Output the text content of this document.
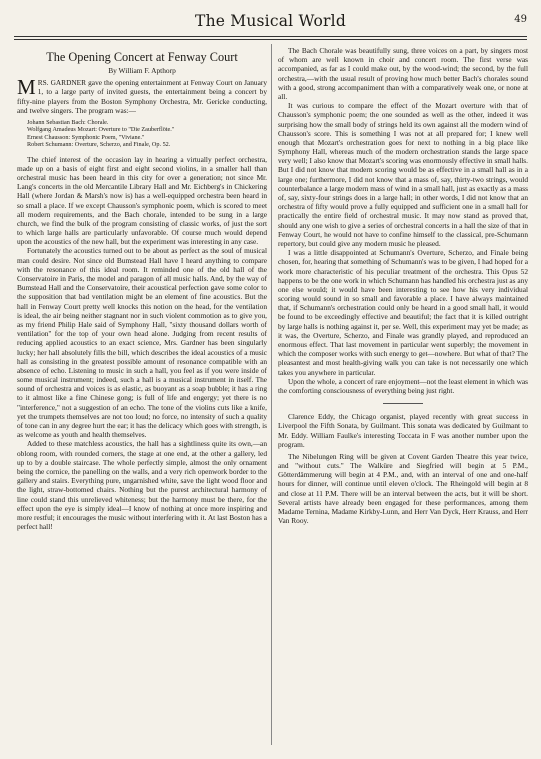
The Musical World	49
The Opening Concert at Fenway Court
By William F. Apthorp

MRS. GARDNER gave the opening entertainment at Fenway Court on January 1, to a large party of invited guests, the entertainment being a concert by fifty-nine players from the Boston Symphony Orchestra, Mr. Gericke conducting, and twelve singers. The program was:—

Johann Sebastian Bach: Chorale.
Wolfgang Amadeus Mozart: Overture to "Die Zauberflöte."
Ernest Chausson: Symphonic Poem, "Viviane."
Robert Schumann: Overture, Scherzo, and Finale, Op. 52.

The chief interest of the occasion lay in hearing a virtually perfect orchestra, made up on a basis of eight first and eight second violins, in a smaller hall than orchestral music has been heard in this city for over a generation; not since Mr. Lang's concerts in the old Mercantile Library Hall and Mr. Eichberg's in Chickering Hall (where Jordan & Marsh's now is) has a well-equipped orchestra been heard in so small a place. If we except Chausson's symphonic poem, which is scored to meet all modern requirements, and the Bach chorale, intended to be sung in a large church, we find the bulk of the program consisting of classic works, of just the sort to which large halls are particularly unfavorable. Of course much would depend upon the acoustics of the new hall, but the experiment was interesting in any case.

Fortunately the acoustics turned out to be about as perfect as the soul of musical man could desire. Not since old Bumstead Hall have I heard anything to compare with the resonance of this ideal room. It reminded one of the old hall of the Conservatoire in Paris, the model and paragon of all music halls. And, by the way of Bumstead Hall and the Conservatoire, their acoustical perfection gave some color to the supposition that bad ventilation might be an element of fine acoustics. But the hall in Fenway Court pretty well knocks this notion on the head, for the ventilation is ideal, the air being neither stagnant nor in such violent commotion as to give you, as my friend Philip Hale said of Symphony Hall, "sixty thousand dollars worth of ventilation" for the top of your own head alone. Judging from recent results of reducing applied acoustics to an exact science, Mrs. Gardner has been singularly lucky; her hall absolutely fills the bill, which describes the ideal acoustics of a music hall as consisting in the greatest possible amount of resonance compatible with an absence of echo. Listening to music in such a hall, you feel as if you were inside of some musical instrument; indeed, such a hall is a musical instrument in itself. The sound of orchestra and voices is as elastic, as buoyant as a soap bubble; it has a ring to it almost like a fine Chinese gong; is full of life and engergy; yet there is no "interference," not a suggestion of an echo. The tone of the violins cuts like a knife, yet the trumpets themselves are not too loud; no force, no intensity of such a quality of tone can in any degree hurt the ear; it has the delicacy which goes with strength, is as welcome as youth and health themselves.

Added to these matchless acoustics, the hall has a sightliness quite its own,—an oblong room, with rounded corners, the stage at one end, at the other a gallery, led up to by a double staircase. The whole perfectly simple, almost the only ornament being the cornice, the panelling on the walls, and a very rich openwork border to the gallery and stairs. Everything pure, ungarnished white, save the light wood floor and the light, straw-bottomed chairs. Nothing but the purest architectural harmony of line could stand this unrelieved whiteness; but the harmony must be there, for the effect upon the eye is simply ideal—I know of nothing at once more inspiring and more restful; it encourages the music without interfering with it. At last Boston has a perfect hall!

The Bach Chorale was beautifully sung, three voices on a part, by singers most of whom are well known in choir and concert room. The first verse was accompanied, as far as I could make out, by the wood-wind; the second, by the full orchestra,—with the usual result of proving how much better Bach's chorales sound with a good, strong accompaniment than with a comparatively weak one, or none at all.

It was curious to compare the effect of the Mozart overture with that of Chausson's symphonic poem; the one sounded as well as the other, indeed it was surprising how the small body of strings held its own against all the modern wind of Chausson's score. This is something I was not at all prepared for; I knew well enough that Mozart's orchestration goes for next to nothing in a big place like Symphony Hall, whereas much of the modern orchestration stands the large space very well; I also know that Mozart's scoring was enormously effective in small halls. But I did not know that modern scoring would be as effective in a small hall as in a large one; furthermore, I did not know that a mass of, say, thirty-two strings, would counterbalance a large modern mass of wind in a small hall, just as exactly as a mass of, say, sixty-four strings does in a large hall; in other words, I did not know that an orchestra of fifty would prove a fully equipped and sufficient one in a small hall for practically the entire field of orchestral music. It may now stand as proved that, should any one wish to give a series of orchestral concerts in a hall the size of that in Fenway Court, he would not have to confine himself to the classical, pre-Schumann repertory, but could give any modern music he pleased.

I was a little disappointed at Schumann's Overture, Scherzo, and Finale being chosen, for, hearing that something of Schumann's was to be given, I had hoped for a work more characteristic of his peculiar treatment of the orchestra. This Opus 52 happens to be the one work in which Schumann has handled his orchestra just as any one else would; it would have been interesting to see how his very individual scoring would sound in so small and favorable a place. I have always maintained that, if Schumann's orchestration could only be heard in a good small hall, it would be found to be exceedingly effective and beautiful; the fact that it is killed outright by large halls is nothing against it, per se. Well, this experiment may yet be made; as it was, the Overture, Scherzo, and Finale was grandly played, and reproduced an enormous effect. That last movement in particular went superbly; the movement in which the composer works with such energy to get—nowhere. But what of that? The pleasantest and most health-giving walk you can take is not necessarily one which takes you anywhere in particular.

Upon the whole, a concert of rare enjoyment—not the least element in which was the comforting consciousness of everything being just right.

Clarence Eddy, the Chicago organist, played recently with great success in Liverpool the Fifth Sonata, by Guilmant. This sonata was dedicated by Guilmant to Mr. Eddy. William Faulke's interesting Toccata in F was another number upon the program.

The Nibelungen Ring will be given at Covent Garden Theatre this year twice, and "without cuts." The Walküre and Siegfried will begin at 5 P.M., Götterdämmerung will begin at 4 P.M., and, with an interval of one and one-half hours for dinner, will continue until eleven o'clock. The Rheingold will begin at 8 and close at 11 P.M. There will be an interval between the acts, but it will be short. Several artists have already been engaged for these performances, among them Madame Ternina, Madame Kirkby-Lunn, and Herr Van Dyck, Herr Krauss, and Herr Van Rooy.
